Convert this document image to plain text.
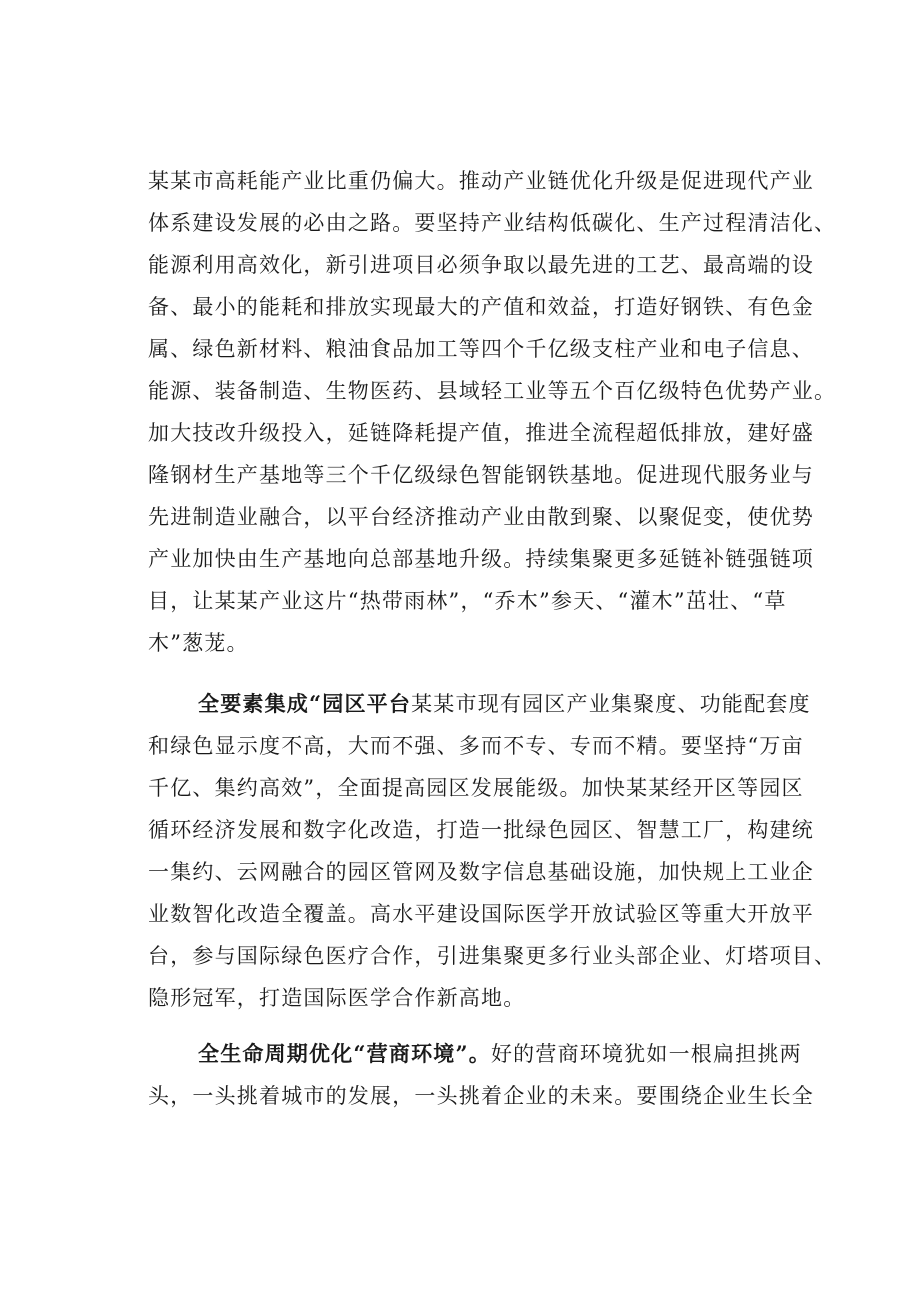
某某市高耗能产业比重仍偏大。推动产业链优化升级是促进现代产业
体系建设发展的必由之路。要坚持产业结构低碳化、生产过程清洁化、
能源利用高效化，新引进项目必须争取以最先进的工艺、最高端的设
备、最小的能耗和排放实现最大的产值和效益，打造好钢铁、有色金
属、绿色新材料、粮油食品加工等四个千亿级支柱产业和电子信息、
能源、装备制造、生物医药、县域轻工业等五个百亿级特色优势产业。
加大技改升级投入，延链降耗提产值，推进全流程超低排放，建好盛
隆钢材生产基地等三个千亿级绿色智能钢铁基地。促进现代服务业与
先进制造业融合，以平台经济推动产业由散到聚、以聚促变，使优势
产业加快由生产基地向总部基地升级。持续集聚更多延链补链强链项
目，让某某产业这片“热带雨林”，“乔木”参天、“灌木”茁壮、“草
木”葱茏。
全要素集成“园区平台某某市现有园区产业集聚度、功能配套度
和绿色显示度不高，大而不强、多而不专、专而不精。要坚持“万亩
千亿、集约高效”，全面提高园区发展能级。加快某某经开区等园区
循环经济发展和数字化改造，打造一批绿色园区、智慧工厂，构建统
一集约、云网融合的园区管网及数字信息基础设施，加快规上工业企
业数智化改造全覆盖。高水平建设国际医学开放试验区等重大开放平
台，参与国际绿色医疗合作，引进集聚更多行业头部企业、灯塔项目、
隐形冠军，打造国际医学合作新高地。
全生命周期优化“营商环境”。好的营商环境犹如一根扁担挑两
头，一头挑着城市的发展，一头挑着企业的未来。要围绕企业生长全
